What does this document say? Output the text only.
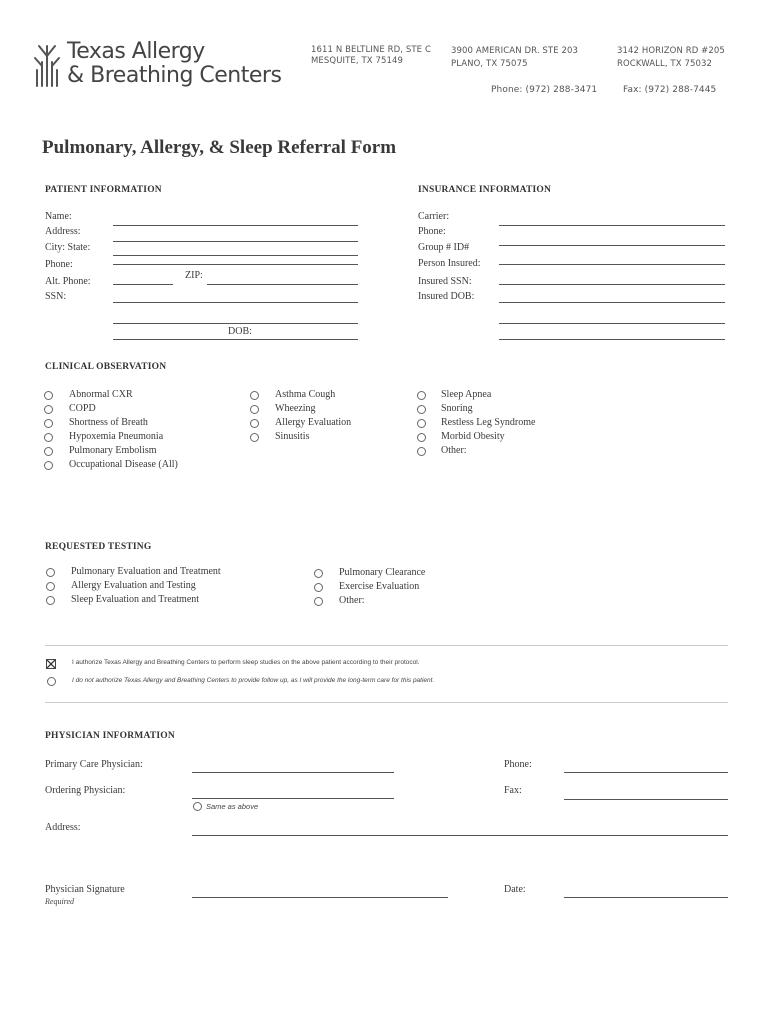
Texas Allergy
& Breathing Centers
1611 N BELTLINE RD, STE C
MESQUITE, TX 75149
3900 AMERICAN DR. STE 203
PLANO, TX 75075
3142 HORIZON RD #205
ROCKWALL, TX 75032
Phone: (972) 288-3471	Fax: (972) 288-7445
Pulmonary, Allergy, & Sleep Referral Form
PATIENT INFORMATION
Name:
Address:
City: State:
Phone:
ZIP:
Alt. Phone:
SSN:
DOB:
INSURANCE INFORMATION
Carrier:
Phone:
Group # ID#
Person Insured:
Insured SSN:
Insured DOB:
CLINICAL OBSERVATION
Abnormal CXR
COPD
Shortness of Breath
Hypoxemia Pneumonia
Pulmonary Embolism
Occupational Disease (All)
Asthma Cough
Wheezing
Allergy Evaluation
Sinusitis
Sleep Apnea
Snoring
Restless Leg Syndrome
Morbid Obesity
Other:
REQUESTED TESTING
Pulmonary Evaluation and Treatment
Allergy Evaluation and Testing
Sleep Evaluation and Treatment
Pulmonary Clearance
Exercise Evaluation
Other:
I authorize Texas Allergy and Breathing Centers to perform sleep studies on the above patient according to their protocol.
I do not authorize Texas Allergy and Breathing Centers to provide follow up, as I will provide the long-term care for this patient.
PHYSICIAN INFORMATION
Primary Care Physician:	Phone:
Ordering Physician:	Fax:
Same as above
Address:
Physician Signature
Required
Date:
